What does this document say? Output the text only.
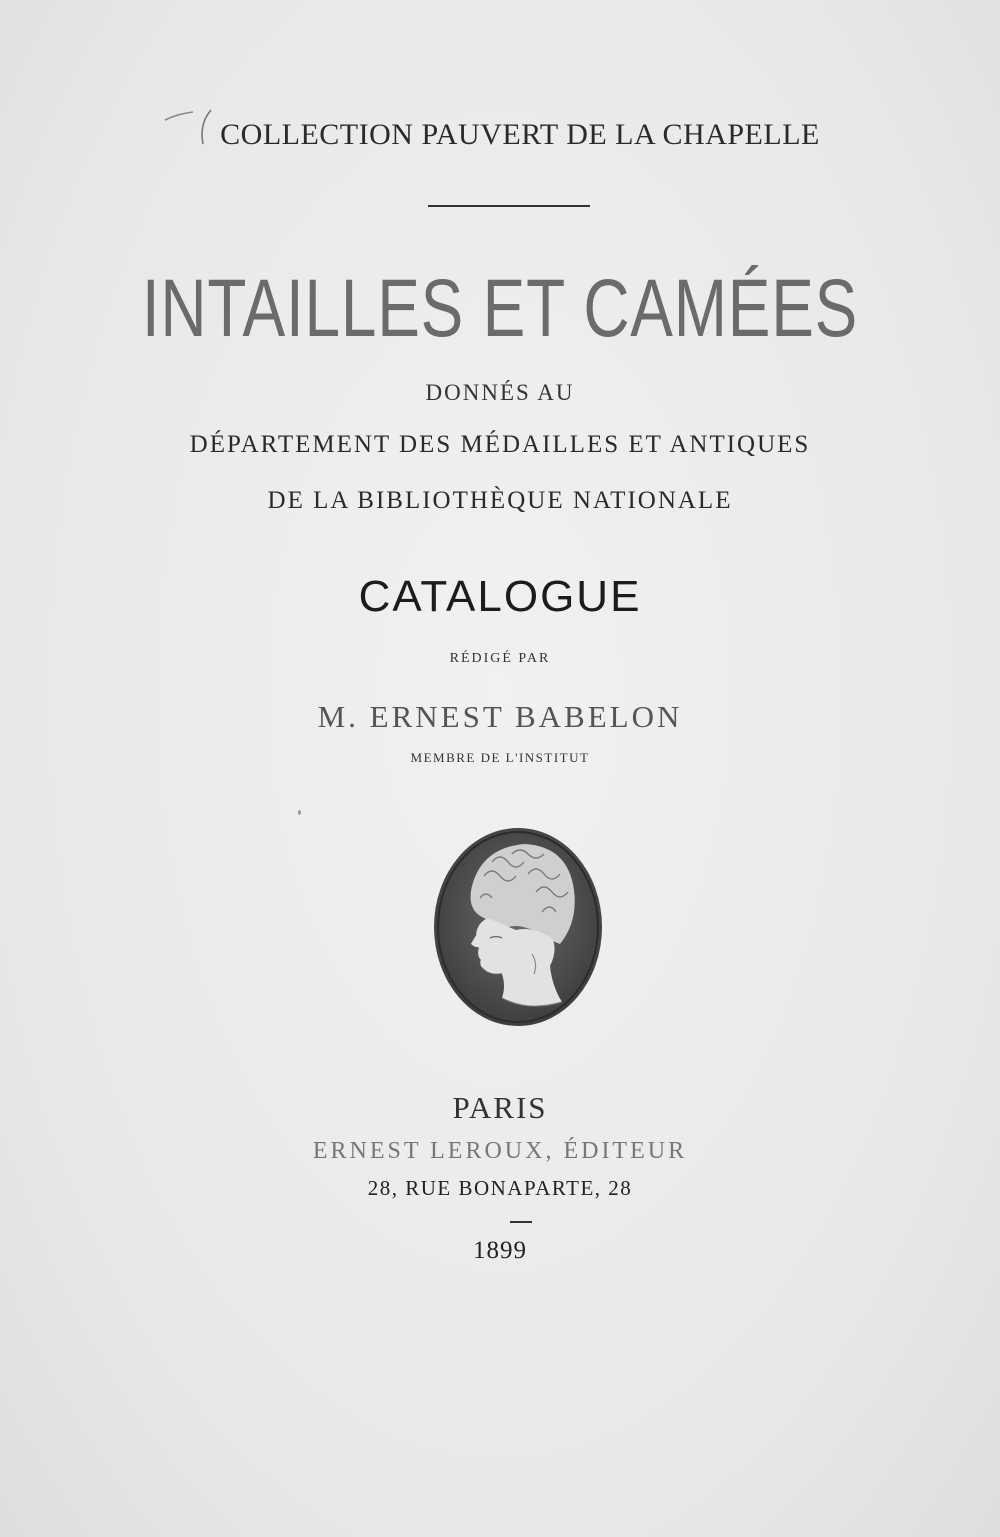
COLLECTION PAUVERT DE LA CHAPELLE
INTAILLES ET CAMÉES
DONNÉS AU
DÉPARTEMENT DES MÉDAILLES ET ANTIQUES
DE LA BIBLIOTHÈQUE NATIONALE
CATALOGUE
RÉDIGÉ PAR
M. ERNEST BABELON
MEMBRE DE L'INSTITUT
PARIS
ERNEST LEROUX, ÉDITEUR
28, RUE BONAPARTE, 28
1899
